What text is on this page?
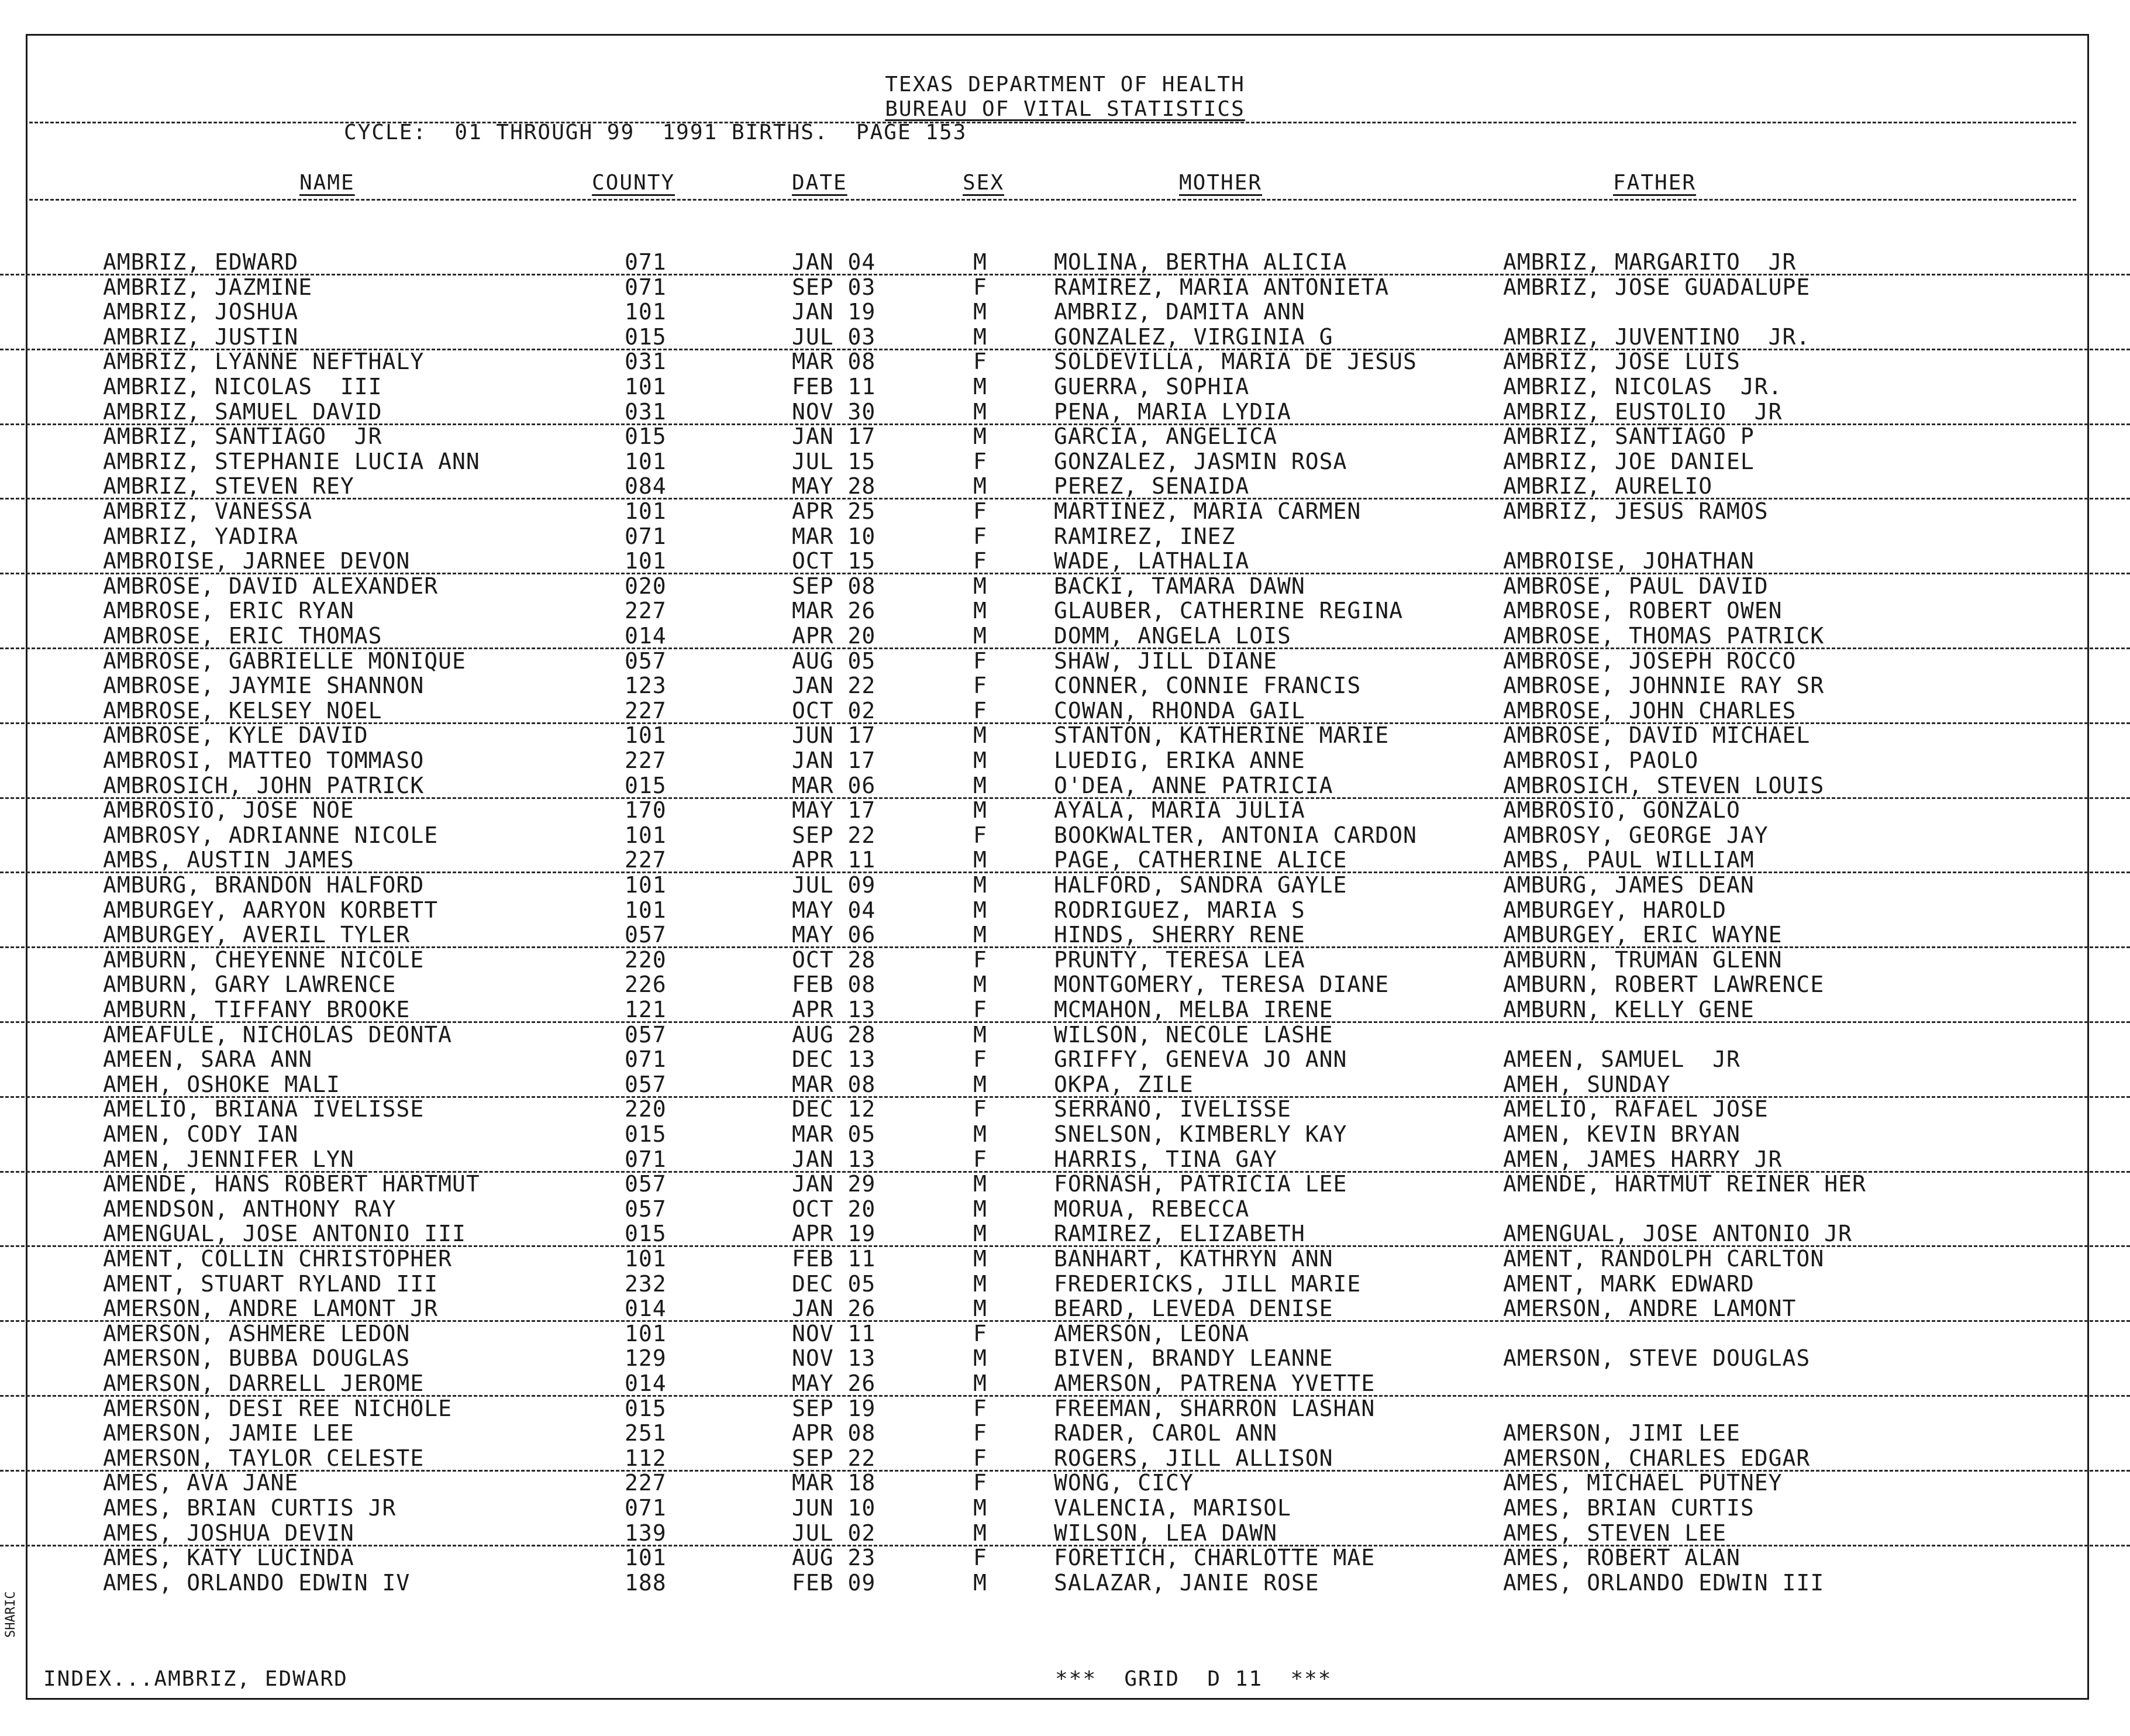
TEXAS DEPARTMENT OF HEALTH
BUREAU OF VITAL STATISTICS
CYCLE:  01 THROUGH 99  1991 BIRTHS.  PAGE 153
NAME	COUNTY	DATE	SEX	MOTHER	FATHER
AMBRIZ, EDWARD	071	JAN 04	M	MOLINA, BERTHA ALICIA	AMBRIZ, MARGARITO  JR
AMBRIZ, JAZMINE	071	SEP 03	F	RAMIREZ, MARIA ANTONIETA	AMBRIZ, JOSE GUADALUPE
AMBRIZ, JOSHUA	101	JAN 19	M	AMBRIZ, DAMITA ANN
AMBRIZ, JUSTIN	015	JUL 03	M	GONZALEZ, VIRGINIA G	AMBRIZ, JUVENTINO  JR.
AMBRIZ, LYANNE NEFTHALY	031	MAR 08	F	SOLDEVILLA, MARIA DE JESUS	AMBRIZ, JOSE LUIS
AMBRIZ, NICOLAS  III	101	FEB 11	M	GUERRA, SOPHIA	AMBRIZ, NICOLAS  JR.
AMBRIZ, SAMUEL DAVID	031	NOV 30	M	PENA, MARIA LYDIA	AMBRIZ, EUSTOLIO  JR
AMBRIZ, SANTIAGO  JR	015	JAN 17	M	GARCIA, ANGELICA	AMBRIZ, SANTIAGO P
AMBRIZ, STEPHANIE LUCIA ANN	101	JUL 15	F	GONZALEZ, JASMIN ROSA	AMBRIZ, JOE DANIEL
AMBRIZ, STEVEN REY	084	MAY 28	M	PEREZ, SENAIDA	AMBRIZ, AURELIO
AMBRIZ, VANESSA	101	APR 25	F	MARTINEZ, MARIA CARMEN	AMBRIZ, JESUS RAMOS
AMBRIZ, YADIRA	071	MAR 10	F	RAMIREZ, INEZ
AMBROISE, JARNEE DEVON	101	OCT 15	F	WADE, LATHALIA	AMBROISE, JOHATHAN
AMBROSE, DAVID ALEXANDER	020	SEP 08	M	BACKI, TAMARA DAWN	AMBROSE, PAUL DAVID
AMBROSE, ERIC RYAN	227	MAR 26	M	GLAUBER, CATHERINE REGINA	AMBROSE, ROBERT OWEN
AMBROSE, ERIC THOMAS	014	APR 20	M	DOMM, ANGELA LOIS	AMBROSE, THOMAS PATRICK
AMBROSE, GABRIELLE MONIQUE	057	AUG 05	F	SHAW, JILL DIANE	AMBROSE, JOSEPH ROCCO
AMBROSE, JAYMIE SHANNON	123	JAN 22	F	CONNER, CONNIE FRANCIS	AMBROSE, JOHNNIE RAY SR
AMBROSE, KELSEY NOEL	227	OCT 02	F	COWAN, RHONDA GAIL	AMBROSE, JOHN CHARLES
AMBROSE, KYLE DAVID	101	JUN 17	M	STANTON, KATHERINE MARIE	AMBROSE, DAVID MICHAEL
AMBROSI, MATTEO TOMMASO	227	JAN 17	M	LUEDIG, ERIKA ANNE	AMBROSI, PAOLO
AMBROSICH, JOHN PATRICK	015	MAR 06	M	O'DEA, ANNE PATRICIA	AMBROSICH, STEVEN LOUIS
AMBROSIO, JOSE NOE	170	MAY 17	M	AYALA, MARIA JULIA	AMBROSIO, GONZALO
AMBROSY, ADRIANNE NICOLE	101	SEP 22	F	BOOKWALTER, ANTONIA CARDON	AMBROSY, GEORGE JAY
AMBS, AUSTIN JAMES	227	APR 11	M	PAGE, CATHERINE ALICE	AMBS, PAUL WILLIAM
AMBURG, BRANDON HALFORD	101	JUL 09	M	HALFORD, SANDRA GAYLE	AMBURG, JAMES DEAN
AMBURGEY, AARYON KORBETT	101	MAY 04	M	RODRIGUEZ, MARIA S	AMBURGEY, HAROLD
AMBURGEY, AVERIL TYLER	057	MAY 06	M	HINDS, SHERRY RENE	AMBURGEY, ERIC WAYNE
AMBURN, CHEYENNE NICOLE	220	OCT 28	F	PRUNTY, TERESA LEA	AMBURN, TRUMAN GLENN
AMBURN, GARY LAWRENCE	226	FEB 08	M	MONTGOMERY, TERESA DIANE	AMBURN, ROBERT LAWRENCE
AMBURN, TIFFANY BROOKE	121	APR 13	F	MCMAHON, MELBA IRENE	AMBURN, KELLY GENE
AMEAFULE, NICHOLAS DEONTA	057	AUG 28	M	WILSON, NECOLE LASHE
AMEEN, SARA ANN	071	DEC 13	F	GRIFFY, GENEVA JO ANN	AMEEN, SAMUEL  JR
AMEH, OSHOKE MALI	057	MAR 08	M	OKPA, ZILE	AMEH, SUNDAY
AMELIO, BRIANA IVELISSE	220	DEC 12	F	SERRANO, IVELISSE	AMELIO, RAFAEL JOSE
AMEN, CODY IAN	015	MAR 05	M	SNELSON, KIMBERLY KAY	AMEN, KEVIN BRYAN
AMEN, JENNIFER LYN	071	JAN 13	F	HARRIS, TINA GAY	AMEN, JAMES HARRY JR
AMENDE, HANS ROBERT HARTMUT	057	JAN 29	M	FORNASH, PATRICIA LEE	AMENDE, HARTMUT REINER HER
AMENDSON, ANTHONY RAY	057	OCT 20	M	MORUA, REBECCA
AMENGUAL, JOSE ANTONIO III	015	APR 19	M	RAMIREZ, ELIZABETH	AMENGUAL, JOSE ANTONIO JR
AMENT, COLLIN CHRISTOPHER	101	FEB 11	M	BANHART, KATHRYN ANN	AMENT, RANDOLPH CARLTON
AMENT, STUART RYLAND III	232	DEC 05	M	FREDERICKS, JILL MARIE	AMENT, MARK EDWARD
AMERSON, ANDRE LAMONT JR	014	JAN 26	M	BEARD, LEVEDA DENISE	AMERSON, ANDRE LAMONT
AMERSON, ASHMERE LEDON	101	NOV 11	F	AMERSON, LEONA
AMERSON, BUBBA DOUGLAS	129	NOV 13	M	BIVEN, BRANDY LEANNE	AMERSON, STEVE DOUGLAS
AMERSON, DARRELL JEROME	014	MAY 26	M	AMERSON, PATRENA YVETTE
AMERSON, DESI REE NICHOLE	015	SEP 19	F	FREEMAN, SHARRON LASHAN
AMERSON, JAMIE LEE	251	APR 08	F	RADER, CAROL ANN	AMERSON, JIMI LEE
AMERSON, TAYLOR CELESTE	112	SEP 22	F	ROGERS, JILL ALLISON	AMERSON, CHARLES EDGAR
AMES, AVA JANE	227	MAR 18	F	WONG, CICY	AMES, MICHAEL PUTNEY
AMES, BRIAN CURTIS JR	071	JUN 10	M	VALENCIA, MARISOL	AMES, BRIAN CURTIS
AMES, JOSHUA DEVIN	139	JUL 02	M	WILSON, LEA DAWN	AMES, STEVEN LEE
AMES, KATY LUCINDA	101	AUG 23	F	FORETICH, CHARLOTTE MAE	AMES, ROBERT ALAN
AMES, ORLANDO EDWIN IV	188	FEB 09	M	SALAZAR, JANIE ROSE	AMES, ORLANDO EDWIN III
INDEX...AMBRIZ, EDWARD	***  GRID  D 11  ***
SHARIC
